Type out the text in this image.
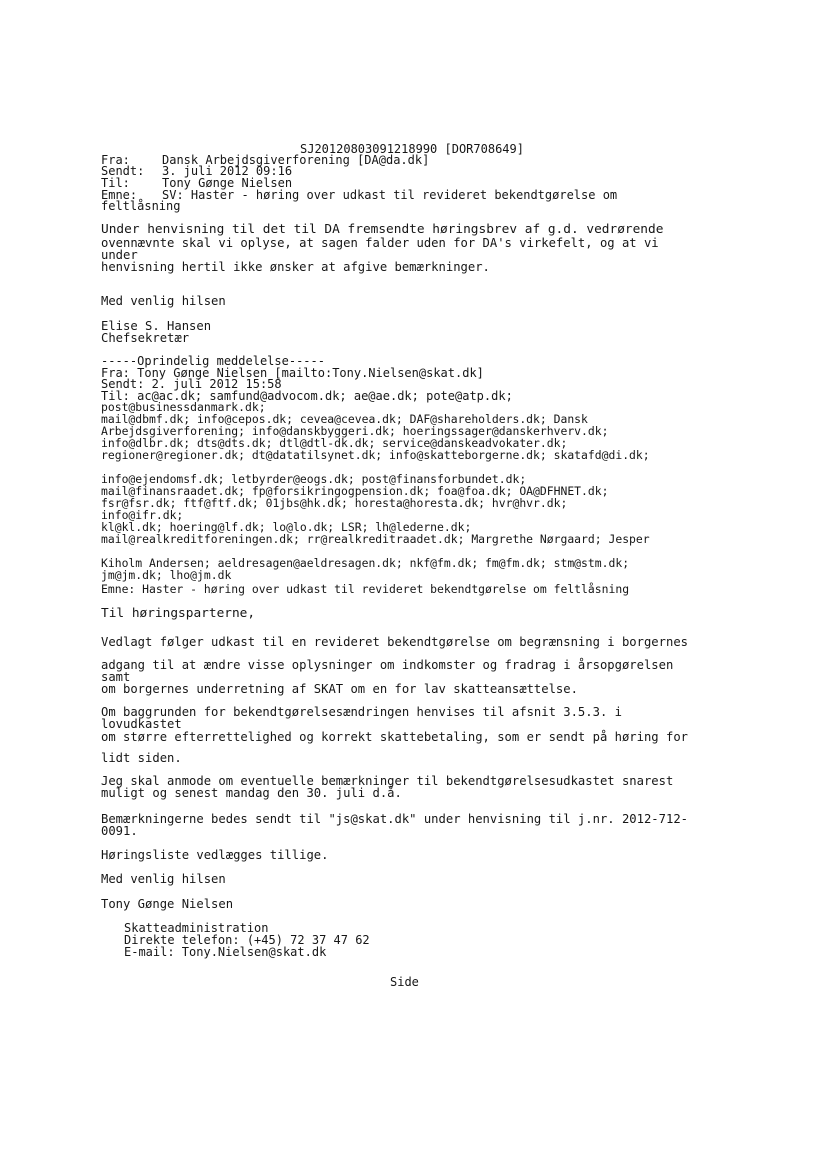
SJ20120803091218990 [DOR708649]
Fra:	Dansk Arbejdsgiverforening [DA@da.dk]
Sendt: 3. juli 2012 09:16
Til:	Tony Gønge Nielsen
Emne: SV: Haster - høring over udkast til revideret bekendtgørelse om
feltlåsning
Under henvisning til det til DA fremsendte høringsbrev af g.d. vedrørende
ovennævnte skal vi oplyse, at sagen falder uden for DA's virkefelt, og at vi
under
henvisning hertil ikke ønsker at afgive bemærkninger.
Med venlig hilsen
Elise S. Hansen
Chefsekretær
-----Oprindelig meddelelse-----
Fra: Tony Gønge Nielsen [mailto:Tony.Nielsen@skat.dk]
Sendt: 2. juli 2012 15:58
Til: ac@ac.dk; samfund@advocom.dk; ae@ae.dk; pote@atp.dk;
post@businessdanmark.dk;
mail@dbmf.dk; info@cepos.dk; cevea@cevea.dk; DAF@shareholders.dk; Dansk
Arbejdsgiverforening; info@danskbyggeri.dk; hoeringssager@danskerhverv.dk;
info@dlbr.dk; dts@dts.dk; dtl@dtl-dk.dk; service@danskeadvokater.dk;
regioner@regioner.dk; dt@datatilsynet.dk; info@skatteborgerne.dk; skatafd@di.dk;
info@ejendomsf.dk; letbyrder@eogs.dk; post@finansforbundet.dk;
mail@finansraadet.dk; fp@forsikringogpension.dk; foa@foa.dk; OA@DFHNET.dk;
fsr@fsr.dk; ftf@ftf.dk; 01jbs@hk.dk; horesta@horesta.dk; hvr@hvr.dk;
info@ifr.dk;
kl@kl.dk; hoering@lf.dk; lo@lo.dk; LSR; lh@lederne.dk;
mail@realkreditforeningen.dk; rr@realkreditraadet.dk; Margrethe Nørgaard; Jesper
Kiholm Andersen; aeldresagen@aeldresagen.dk; nkf@fm.dk; fm@fm.dk; stm@stm.dk;
jm@jm.dk; lho@jm.dk
Emne: Haster - høring over udkast til revideret bekendtgørelse om feltlåsning
Til høringsparterne,
Vedlagt følger udkast til en revideret bekendtgørelse om begrænsning i borgernes
adgang til at ændre visse oplysninger om indkomster og fradrag i årsopgørelsen
samt
om borgernes underretning af SKAT om en for lav skatteansættelse.
Om baggrunden for bekendtgørelsesændringen henvises til afsnit 3.5.3. i
lovudkastet
om større efterrettelighed og korrekt skattebetaling, som er sendt på høring for
lidt siden.
Jeg skal anmode om eventuelle bemærkninger til bekendtgørelsesudkastet snarest
muligt og senest mandag den 30. juli d.å.
Bemærkningerne bedes sendt til "js@skat.dk" under henvisning til j.nr. 2012-712-
0091.
Høringsliste vedlægges tillige.
Med venlig hilsen
Tony Gønge Nielsen
Skatteadministration
Direkte telefon: (+45) 72 37 47 62
E-mail: Tony.Nielsen@skat.dk
Side
